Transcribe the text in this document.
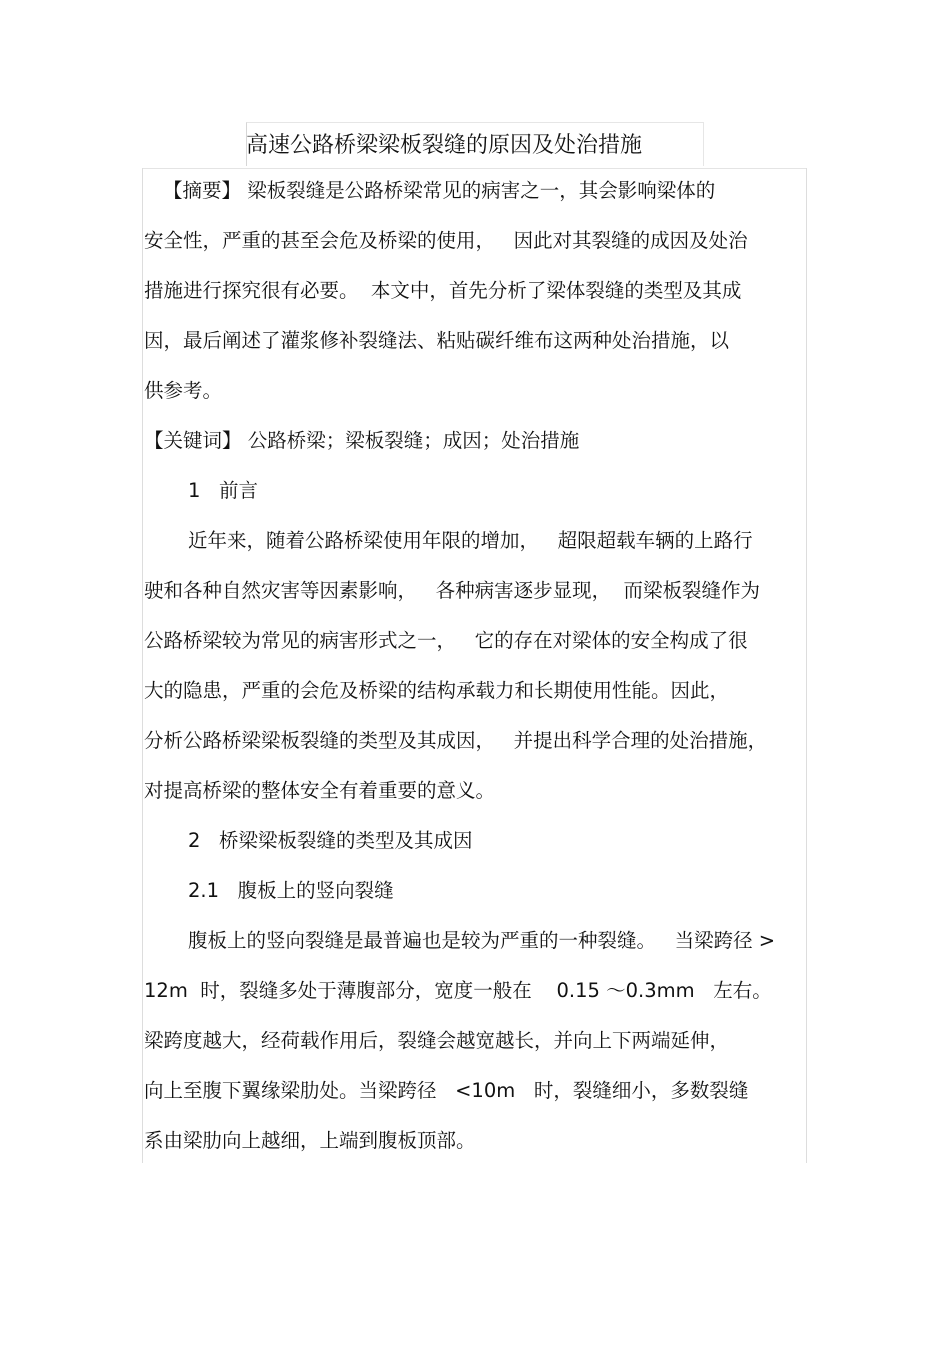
高速公路桥梁梁板裂缝的原因及处治措施
【摘要】 梁板裂缝是公路桥梁常见的病害之一，其会影响梁体的
安全性，严重的甚至会危及桥梁的使用，   因此对其裂缝的成因及处治
措施进行探究很有必要。  本文中，首先分析了梁体裂缝的类型及其成
因，最后阐述了灌浆修补裂缝法、粘贴碳纤维布这两种处治措施，以
供参考。
【关键词】 公路桥梁；梁板裂缝；成因；处治措施
1   前言
近年来，随着公路桥梁使用年限的增加，   超限超载车辆的上路行
驶和各种自然灾害等因素影响，   各种病害逐步显现，  而梁板裂缝作为
公路桥梁较为常见的病害形式之一，   它的存在对梁体的安全构成了很
大的隐患，严重的会危及桥梁的结构承载力和长期使用性能。因此，
分析公路桥梁梁板裂缝的类型及其成因，   并提出科学合理的处治措施，
对提高桥梁的整体安全有着重要的意义。
2   桥梁梁板裂缝的类型及其成因
2.1   腹板上的竖向裂缝
腹板上的竖向裂缝是最普遍也是较为严重的一种裂缝。   当梁跨径 >
12m  时，裂缝多处于薄腹部分，宽度一般在    0.15 ～0.3mm   左右。
梁跨度越大，经荷载作用后，裂缝会越宽越长，并向上下两端延伸，
向上至腹下翼缘梁肋处。当梁跨径   <10m   时，裂缝细小，多数裂缝
系由梁肋向上越细，上端到腹板顶部。
